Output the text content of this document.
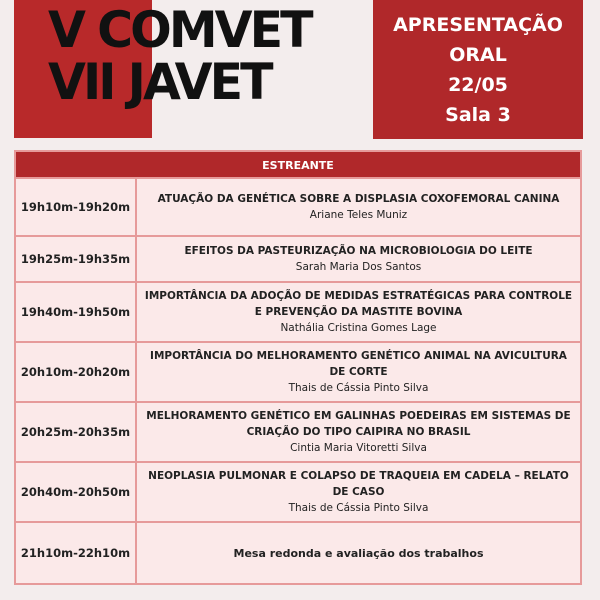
V COMVET
VII JAVET
APRESENTAÇÃO
ORAL
22/05
Sala 3
ESTREANTE
19h10m-19h20m
ATUAÇÃO DA GENÉTICA SOBRE A DISPLASIA COXOFEMORAL CANINA
Ariane Teles Muniz
19h25m-19h35m
EFEITOS DA PASTEURIZAÇÃO NA MICROBIOLOGIA DO LEITE
Sarah Maria Dos Santos
19h40m-19h50m
IMPORTÂNCIA DA ADOÇÃO DE MEDIDAS ESTRATÉGICAS PARA CONTROLE E PREVENÇÃO DA MASTITE BOVINA
Nathália Cristina Gomes Lage
20h10m-20h20m
IMPORTÂNCIA DO MELHORAMENTO GENÉTICO ANIMAL NA AVICULTURA DE CORTE
Thais de Cássia Pinto Silva
20h25m-20h35m
MELHORAMENTO GENÉTICO EM GALINHAS POEDEIRAS EM SISTEMAS DE CRIAÇÃO DO TIPO CAIPIRA NO BRASIL
Cintia Maria Vitoretti Silva
20h40m-20h50m
NEOPLASIA PULMONAR E COLAPSO DE TRAQUEIA EM CADELA – RELATO DE CASO
Thais de Cássia Pinto Silva
21h10m-22h10m	Mesa redonda e avaliação dos trabalhos
